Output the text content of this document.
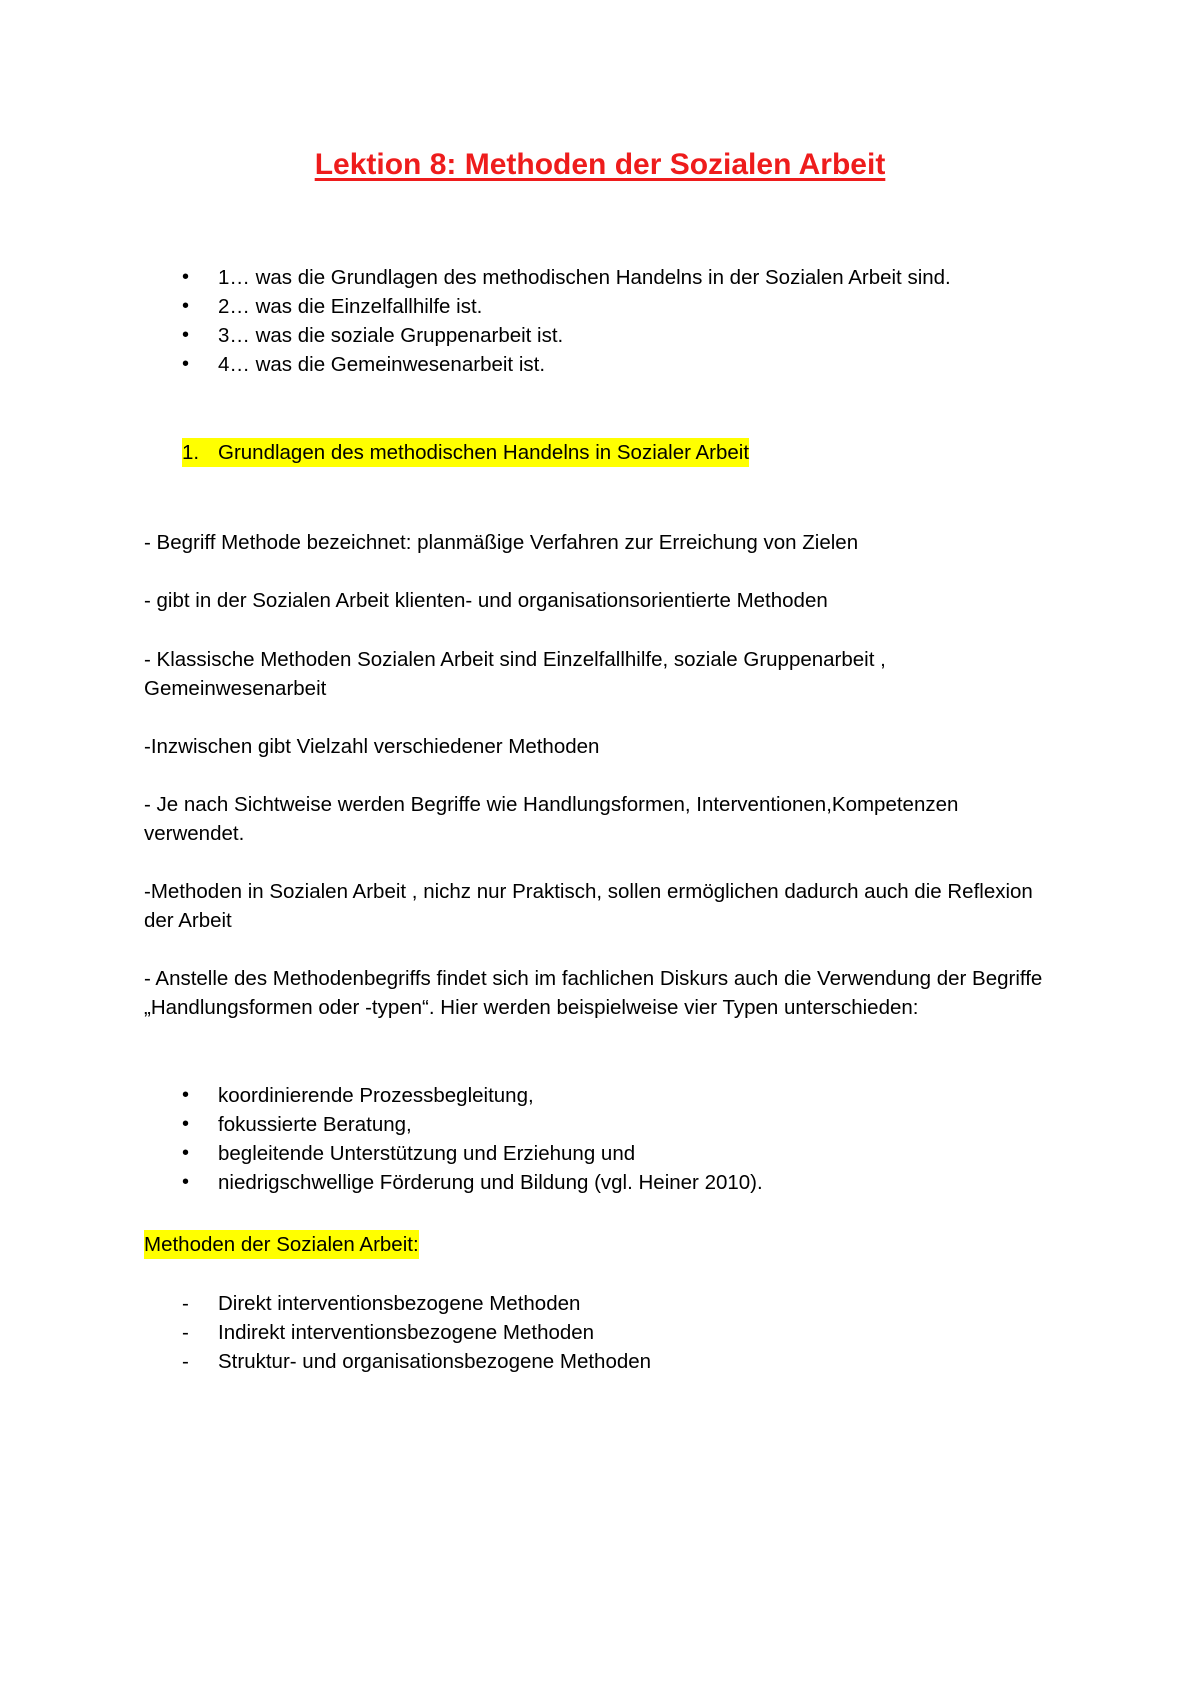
Lektion 8: Methoden der Sozialen Arbeit
•	1… was die Grundlagen des methodischen Handelns in der Sozialen Arbeit sind.
•	2… was die Einzelfallhilfe ist.
•	3… was die soziale Gruppenarbeit ist.
•	4… was die Gemeinwesenarbeit ist.
1. Grundlagen des methodischen Handelns in Sozialer Arbeit

- Begriff Methode bezeichnet: planmäßige Verfahren zur Erreichung von Zielen

- gibt in der Sozialen Arbeit klienten- und organisationsorientierte Methoden

- Klassische Methoden Sozialen Arbeit sind Einzelfallhilfe, soziale Gruppenarbeit , Gemeinwesenarbeit

-Inzwischen gibt Vielzahl verschiedener Methoden

- Je nach Sichtweise werden Begriffe wie Handlungsformen, Interventionen,Kompetenzen verwendet.

-Methoden in Sozialen Arbeit , nichz nur Praktisch, sollen ermöglichen dadurch auch die Reflexion der Arbeit

- Anstelle des Methodenbegriffs findet sich im fachlichen Diskurs auch die Verwendung der Begriffe „Handlungsformen oder -typen“. Hier werden beispielweise vier Typen unterschieden:

•	koordinierende Prozessbegleitung,
•	fokussierte Beratung,
•	begleitende Unterstützung und Erziehung und
•	niedrigschwellige Förderung und Bildung (vgl. Heiner 2010).
Methoden der Sozialen Arbeit:
-	Direkt interventionsbezogene Methoden
-	Indirekt interventionsbezogene Methoden
-	Struktur- und organisationsbezogene Methoden
